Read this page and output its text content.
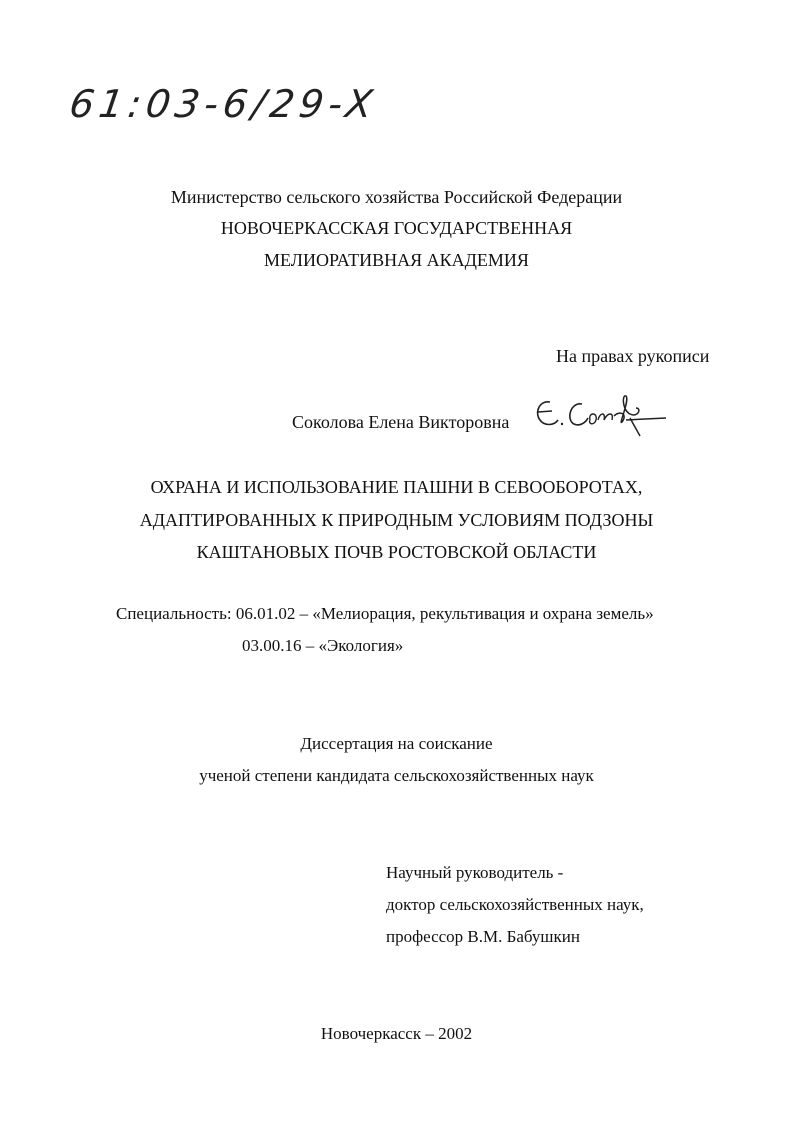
61:03-6/29-X
Министерство сельского хозяйства Российской Федерации
НОВОЧЕРКАССКАЯ ГОСУДАРСТВЕННАЯ
МЕЛИОРАТИВНАЯ АКАДЕМИЯ
На правах рукописи
Соколова Елена Викторовна
ОХРАНА И ИСПОЛЬЗОВАНИЕ ПАШНИ В СЕВООБОРОТАХ,
АДАПТИРОВАННЫХ К ПРИРОДНЫМ УСЛОВИЯМ ПОДЗОНЫ
КАШТАНОВЫХ ПОЧВ РОСТОВСКОЙ ОБЛАСТИ
Специальность: 06.01.02 – «Мелиорация, рекультивация и охрана земель»
03.00.16 – «Экология»
Диссертация на соискание
ученой степени кандидата сельскохозяйственных наук
Научный руководитель -
доктор сельскохозяйственных наук,
профессор В.М. Бабушкин
Новочеркасск – 2002
